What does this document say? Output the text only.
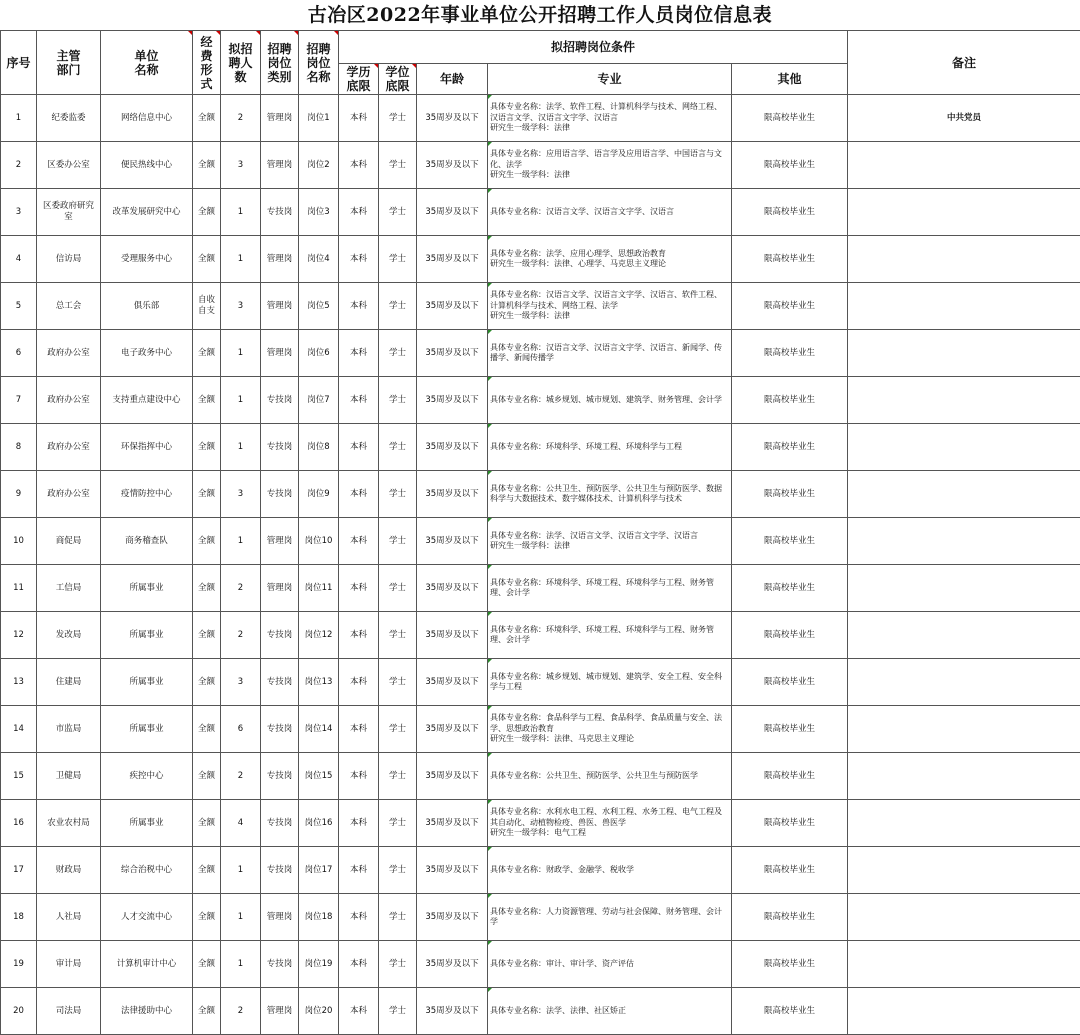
古冶区2022年事业单位公开招聘工作人员岗位信息表
序号	主管部门	单位名称	经费形式	拟招聘人数	招聘岗位类别	招聘岗位名称	拟招聘岗位条件					备注
							学历底限	学位底限	年龄	专业	其他	
1	纪委监委	网络信息中心	全额	2	管理岗	岗位1	本科	学士	35周岁及以下	具体专业名称：法学、软件工程、计算机科学与技术、网络工程、汉语言文学、汉语言文字学、汉语言
研究生一级学科：法律	限高校毕业生	中共党员
2	区委办公室	便民热线中心	全额	3	管理岗	岗位2	本科	学士	35周岁及以下	具体专业名称：应用语言学、语言学及应用语言学、中国语言与文化、法学
研究生一级学科：法律	限高校毕业生	
3	区委政府研究室	改革发展研究中心	全额	1	专技岗	岗位3	本科	学士	35周岁及以下	具体专业名称：汉语言文学、汉语言文字学、汉语言	限高校毕业生	
4	信访局	受理服务中心	全额	1	管理岗	岗位4	本科	学士	35周岁及以下	具体专业名称：法学、应用心理学、思想政治教育
研究生一级学科：法律、心理学、马克思主义理论	限高校毕业生	
5	总工会	俱乐部	自收自支	3	管理岗	岗位5	本科	学士	35周岁及以下	具体专业名称：汉语言文学、汉语言文字学、汉语言、软件工程、计算机科学与技术、网络工程、法学
研究生一级学科：法律	限高校毕业生	
6	政府办公室	电子政务中心	全额	1	管理岗	岗位6	本科	学士	35周岁及以下	具体专业名称：汉语言文学、汉语言文字学、汉语言、新闻学、传播学、新闻传播学	限高校毕业生	
7	政府办公室	支持重点建设中心	全额	1	专技岗	岗位7	本科	学士	35周岁及以下	具体专业名称：城乡规划、城市规划、建筑学、财务管理、会计学	限高校毕业生	
8	政府办公室	环保指挥中心	全额	1	专技岗	岗位8	本科	学士	35周岁及以下	具体专业名称：环境科学、环境工程、环境科学与工程	限高校毕业生	
9	政府办公室	疫情防控中心	全额	3	专技岗	岗位9	本科	学士	35周岁及以下	具体专业名称：公共卫生、预防医学、公共卫生与预防医学、数据科学与大数据技术、数字媒体技术、计算机科学与技术	限高校毕业生	
10	商促局	商务稽查队	全额	1	管理岗	岗位10	本科	学士	35周岁及以下	具体专业名称：法学、汉语言文学、汉语言文字学、汉语言
研究生一级学科：法律	限高校毕业生	
11	工信局	所属事业	全额	2	管理岗	岗位11	本科	学士	35周岁及以下	具体专业名称：环境科学、环境工程、环境科学与工程、财务管理、会计学	限高校毕业生	
12	发改局	所属事业	全额	2	专技岗	岗位12	本科	学士	35周岁及以下	具体专业名称：环境科学、环境工程、环境科学与工程、财务管理、会计学	限高校毕业生	
13	住建局	所属事业	全额	3	专技岗	岗位13	本科	学士	35周岁及以下	具体专业名称：城乡规划、城市规划、建筑学、安全工程、安全科学与工程	限高校毕业生	
14	市监局	所属事业	全额	6	专技岗	岗位14	本科	学士	35周岁及以下	具体专业名称：食品科学与工程、食品科学、食品质量与安全、法学、思想政治教育
研究生一级学科：法律、马克思主义理论	限高校毕业生	
15	卫健局	疾控中心	全额	2	专技岗	岗位15	本科	学士	35周岁及以下	具体专业名称：公共卫生、预防医学、公共卫生与预防医学	限高校毕业生	
16	农业农村局	所属事业	全额	4	专技岗	岗位16	本科	学士	35周岁及以下	具体专业名称：水利水电工程、水利工程、水务工程、电气工程及其自动化、动植物检疫、兽医、兽医学
研究生一级学科：电气工程	限高校毕业生	
17	财政局	综合治税中心	全额	1	专技岗	岗位17	本科	学士	35周岁及以下	具体专业名称：财政学、金融学、税收学	限高校毕业生	
18	人社局	人才交流中心	全额	1	管理岗	岗位18	本科	学士	35周岁及以下	具体专业名称：人力资源管理、劳动与社会保障、财务管理、会计学	限高校毕业生	
19	审计局	计算机审计中心	全额	1	专技岗	岗位19	本科	学士	35周岁及以下	具体专业名称：审计、审计学、资产评估	限高校毕业生	
20	司法局	法律援助中心	全额	2	管理岗	岗位20	本科	学士	35周岁及以下	具体专业名称：法学、法律、社区矫正	限高校毕业生	
